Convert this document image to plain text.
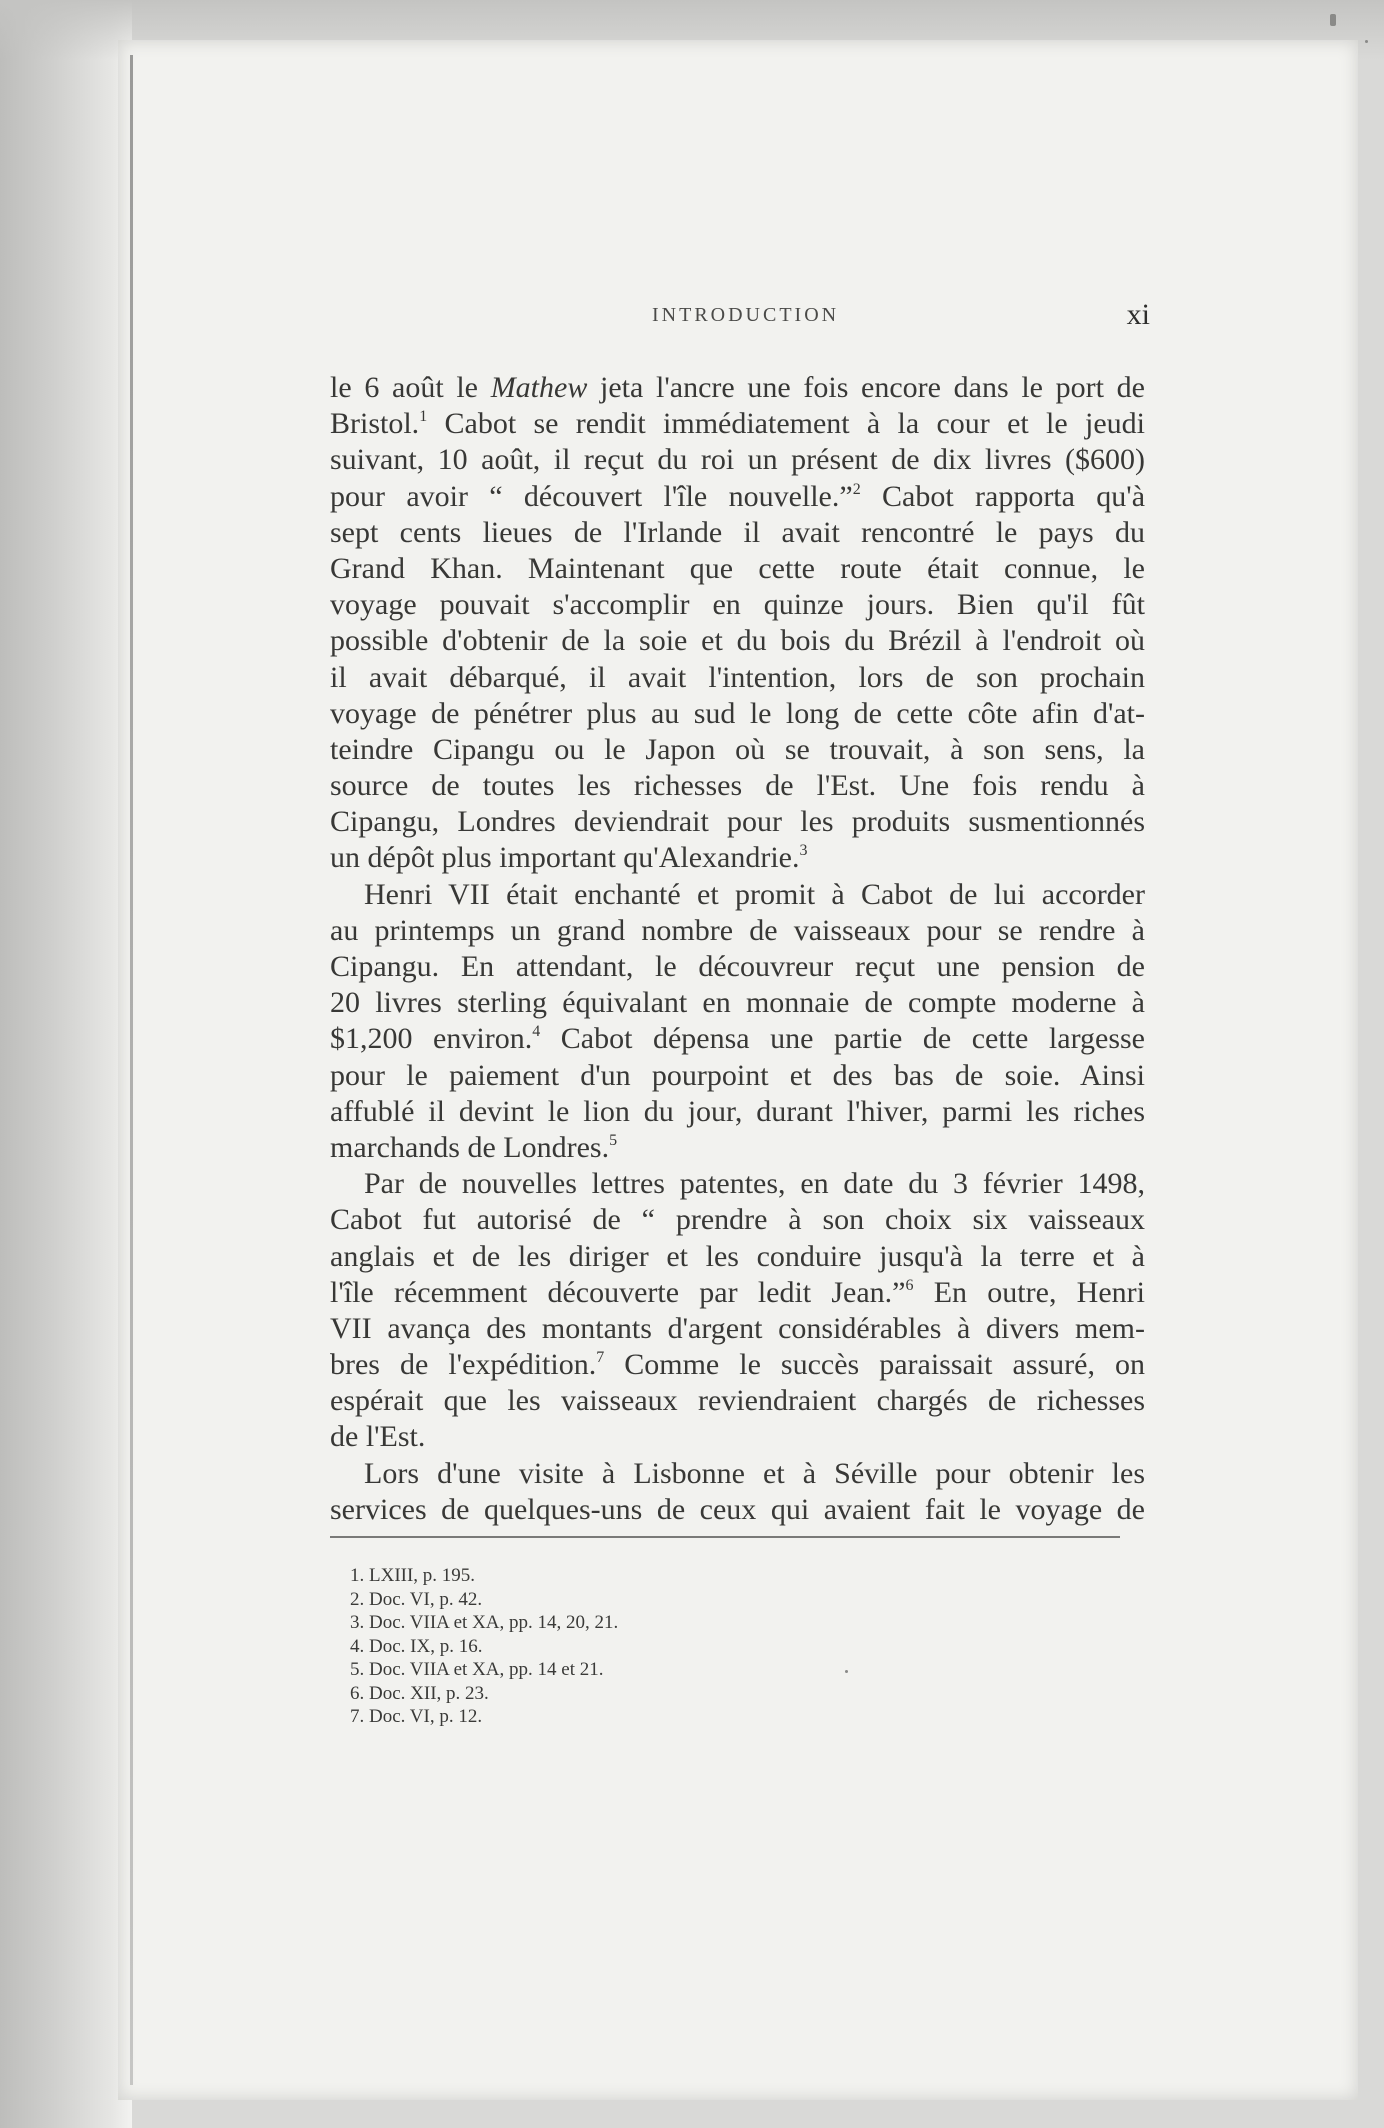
INTRODUCTION	xi
le 6 août le Mathew jeta l'ancre une fois encore dans le port de
Bristol.$^1$ Cabot se rendit immédiatement à la cour et le jeudi
suivant, 10 août, il reçut du roi un présent de dix livres ($600)
pour avoir “ découvert l'île nouvelle.”$^2$ Cabot rapporta qu'à
sept cents lieues de l'Irlande il avait rencontré le pays du
Grand Khan. Maintenant que cette route était connue, le
voyage pouvait s'accomplir en quinze jours. Bien qu'il fût
possible d'obtenir de la soie et du bois du Brézil à l'endroit où
il avait débarqué, il avait l'intention, lors de son prochain
voyage de pénétrer plus au sud le long de cette côte afin d'at-
teindre Cipangu ou le Japon où se trouvait, à son sens, la
source de toutes les richesses de l'Est. Une fois rendu à
Cipangu, Londres deviendrait pour les produits susmentionnés
un dépôt plus important qu'Alexandrie.$^3$
Henri VII était enchanté et promit à Cabot de lui accorder
au printemps un grand nombre de vaisseaux pour se rendre à
Cipangu. En attendant, le découvreur reçut une pension de
20 livres sterling équivalant en monnaie de compte moderne à
$1,200 environ.$^4$ Cabot dépensa une partie de cette largesse
pour le paiement d'un pourpoint et des bas de soie. Ainsi
affublé il devint le lion du jour, durant l'hiver, parmi les riches
marchands de Londres.$^5$
Par de nouvelles lettres patentes, en date du 3 février 1498,
Cabot fut autorisé de “ prendre à son choix six vaisseaux
anglais et de les diriger et les conduire jusqu'à la terre et à
l'île récemment découverte par ledit Jean.”$^6$ En outre, Henri
VII avança des montants d'argent considérables à divers mem-
bres de l'expédition.$^7$ Comme le succès paraissait assuré, on
espérait que les vaisseaux reviendraient chargés de richesses
de l'Est.
Lors d'une visite à Lisbonne et à Séville pour obtenir les
services de quelques-uns de ceux qui avaient fait le voyage de
1. LXIII, p. 195.
2. Doc. VI, p. 42.
3. Doc. VIIA et XA, pp. 14, 20, 21.
4. Doc. IX, p. 16.
5. Doc. VIIA et XA, pp. 14 et 21.
6. Doc. XII, p. 23.
7. Doc. VI, p. 12.
